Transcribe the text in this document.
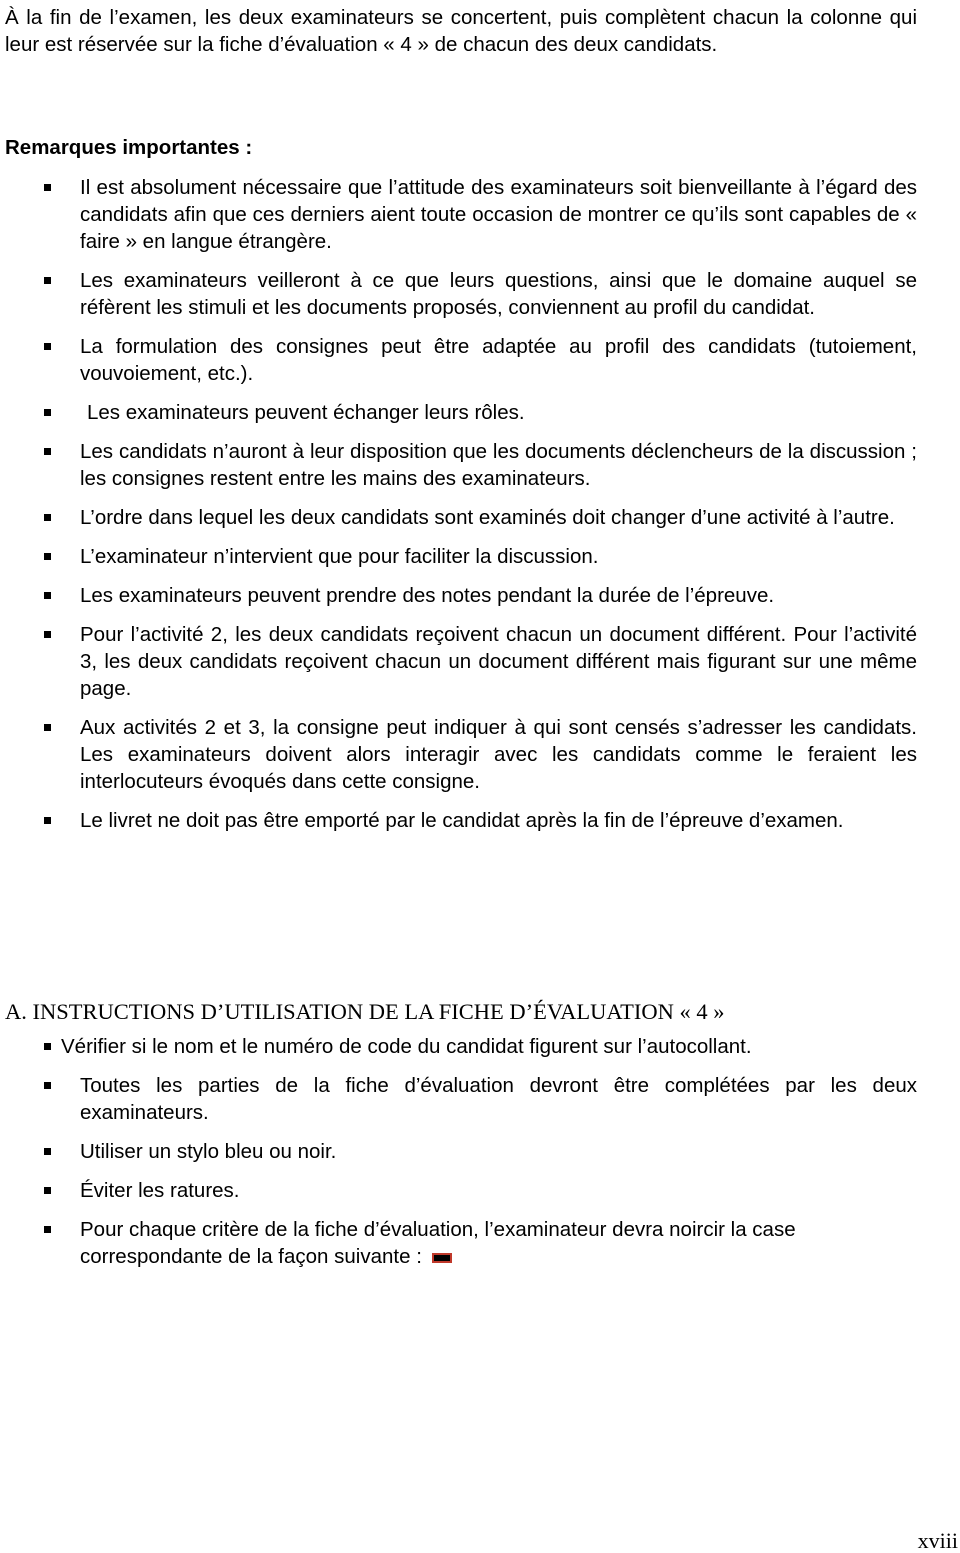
À la fin de l’examen, les deux examinateurs se concertent, puis complètent chacun la colonne qui leur est réservée sur la fiche d’évaluation « 4 » de chacun des deux candidats.

Remarques importantes :

Il est absolument nécessaire que l’attitude des examinateurs soit bienveillante à l’égard des candidats afin que ces derniers aient toute occasion de montrer ce qu’ils sont capables de « faire » en langue étrangère.
Les examinateurs veilleront à ce que leurs questions, ainsi que le domaine auquel se réfèrent les stimuli et les documents proposés, conviennent au profil du candidat.
La formulation des consignes peut être adaptée au profil des candidats (tutoiement, vouvoiement, etc.).
Les examinateurs peuvent échanger leurs rôles.
Les candidats n’auront à leur disposition que les documents déclencheurs de la discussion ; les consignes restent entre les mains des examinateurs.
L’ordre dans lequel les deux candidats sont examinés doit changer d’une activité à l’autre.
L’examinateur n’intervient que pour faciliter la discussion.
Les examinateurs peuvent prendre des notes pendant la durée de l’épreuve.
Pour l’activité 2, les deux candidats reçoivent chacun un document différent. Pour l’activité 3, les deux candidats reçoivent chacun un document différent mais figurant sur une même page.
Aux activités 2 et 3, la consigne peut indiquer à qui sont censés s’adresser les candidats. Les examinateurs doivent alors interagir avec les candidats comme le feraient les interlocuteurs évoqués dans cette consigne.
Le livret ne doit pas être emporté par le candidat après la fin de l’épreuve d’examen.
A. INSTRUCTIONS D’UTILISATION DE LA FICHE D’ÉVALUATION « 4 »
Vérifier si le nom et le numéro de code du candidat figurent sur l’autocollant.
Toutes les parties de la fiche d’évaluation devront être complétées par les deux examinateurs.
Utiliser un stylo bleu ou noir.
Éviter les ratures.
Pour chaque critère de la fiche d’évaluation, l’examinateur devra noircir la case correspondante de la façon suivante :
xviii
